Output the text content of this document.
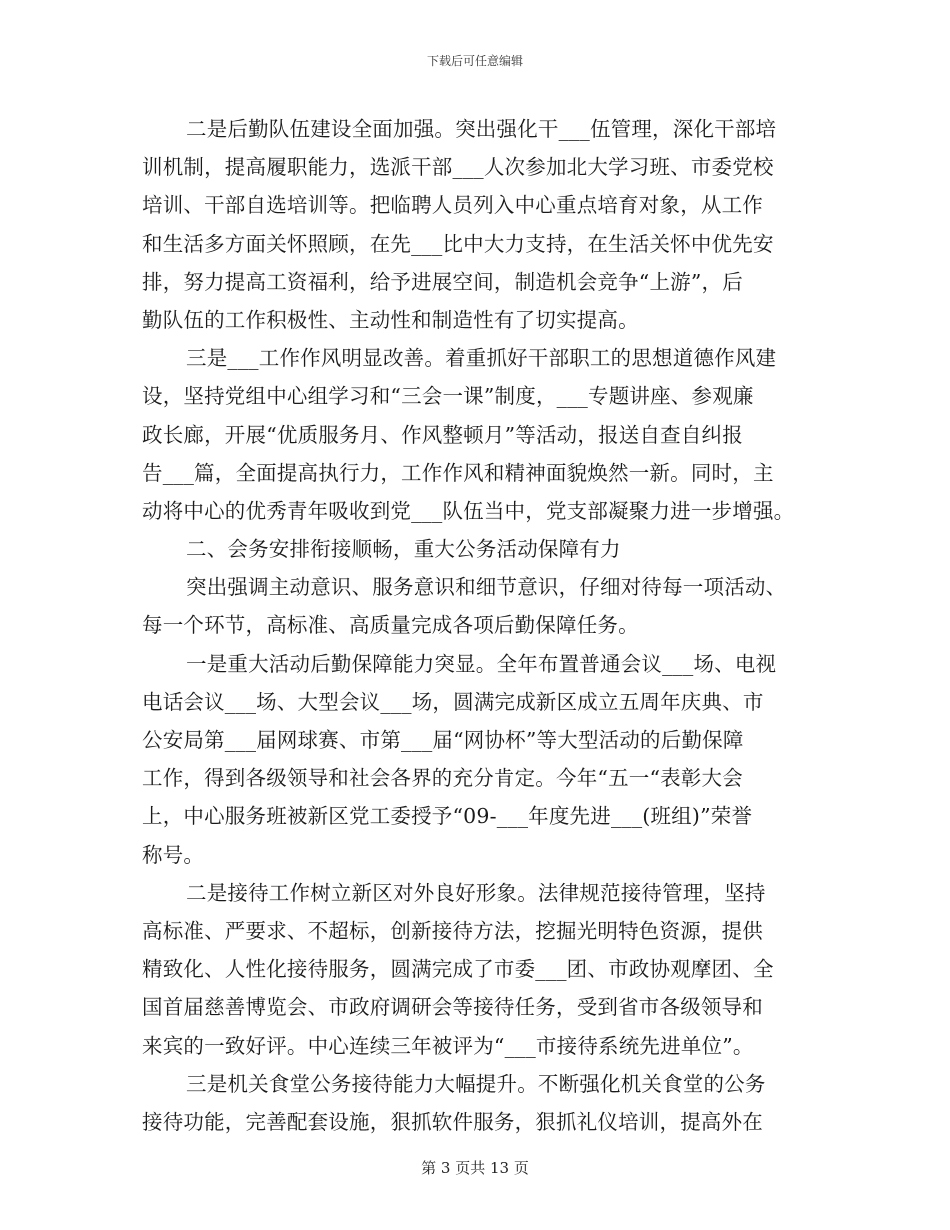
下载后可任意编辑
二是后勤队伍建设全面加强。突出强化干___伍管理，深化干部培
训机制，提高履职能力，选派干部___人次参加北大学习班、市委党校
培训、干部自选培训等。把临聘人员列入中心重点培育对象，从工作
和生活多方面关怀照顾，在先___比中大力支持，在生活关怀中优先安
排，努力提高工资福利，给予进展空间，制造机会竞争“上游”，后
勤队伍的工作积极性、主动性和制造性有了切实提高。
三是___工作作风明显改善。着重抓好干部职工的思想道德作风建
设，坚持党组中心组学习和“三会一课”制度，___专题讲座、参观廉
政长廊，开展“优质服务月、作风整顿月”等活动，报送自查自纠报
告___篇，全面提高执行力，工作作风和精神面貌焕然一新。同时，主
动将中心的优秀青年吸收到党___队伍当中，党支部凝聚力进一步增强。
二、会务安排衔接顺畅，重大公务活动保障有力
突出强调主动意识、服务意识和细节意识，仔细对待每一项活动、
每一个环节，高标准、高质量完成各项后勤保障任务。
一是重大活动后勤保障能力突显。全年布置普通会议___场、电视
电话会议___场、大型会议___场，圆满完成新区成立五周年庆典、市
公安局第___届网球赛、市第___届“网协杯”等大型活动的后勤保障
工作，得到各级领导和社会各界的充分肯定。今年“五一“表彰大会
上，中心服务班被新区党工委授予“09-___年度先进___(班组)”荣誉
称号。
二是接待工作树立新区对外良好形象。法律规范接待管理，坚持
高标准、严要求、不超标，创新接待方法，挖掘光明特色资源，提供
精致化、人性化接待服务，圆满完成了市委___团、市政协观摩团、全
国首届慈善博览会、市政府调研会等接待任务，受到省市各级领导和
来宾的一致好评。中心连续三年被评为“___市接待系统先进单位”。
三是机关食堂公务接待能力大幅提升。不断强化机关食堂的公务
接待功能，完善配套设施，狠抓软件服务，狠抓礼仪培训，提高外在
第 3 页共 13 页
